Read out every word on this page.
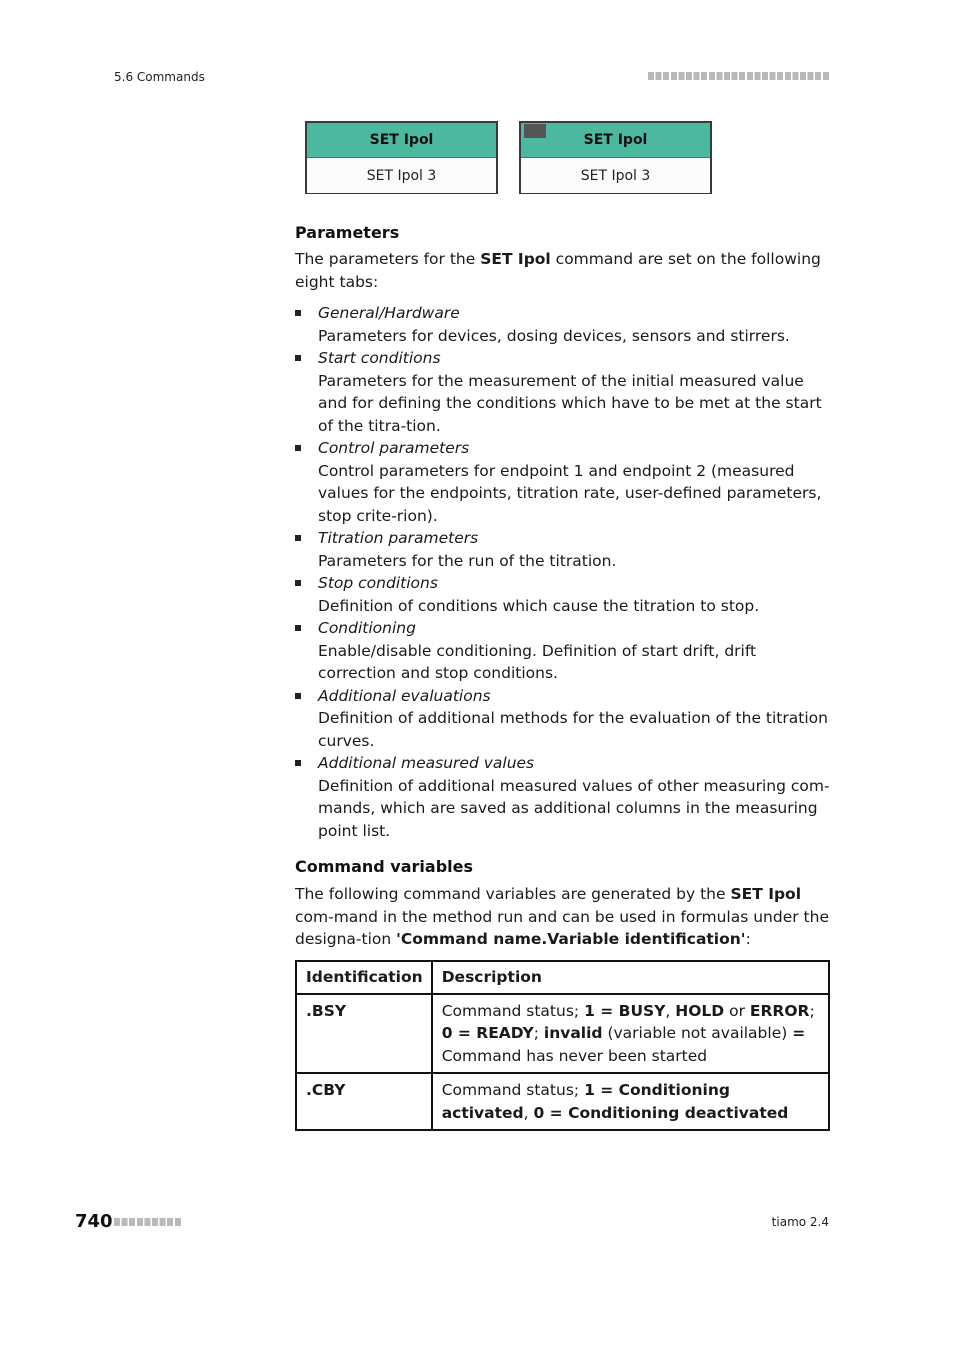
5.6 Commands
SET Ipol
SET Ipol 3
SET Ipol
SET Ipol 3
Parameters

The parameters for the SET Ipol command are set on the following eight tabs:

General/Hardware
Parameters for devices, dosing devices, sensors and stirrers.
Start conditions
Parameters for the measurement of the initial measured value and for defining the conditions which have to be met at the start of the titra-tion.
Control parameters
Control parameters for endpoint 1 and endpoint 2 (measured values for the endpoints, titration rate, user-defined parameters, stop crite-rion).
Titration parameters
Parameters for the run of the titration.
Stop conditions
Definition of conditions which cause the titration to stop.
Conditioning
Enable/disable conditioning. Definition of start drift, drift correction and stop conditions.
Additional evaluations
Definition of additional methods for the evaluation of the titration curves.
Additional measured values
Definition of additional measured values of other measuring com-mands, which are saved as additional columns in the measuring point list.
Command variables

The following command variables are generated by the SET Ipol com-mand in the method run and can be used in formulas under the designa-tion 'Command name.Variable identification':

Identification	Description
.BSY	Command status; 1 = BUSY, HOLD or ERROR; 0 = READY; invalid (variable not available) = Command has never been started
.CBY	Command status; 1 = Conditioning activated, 0 = Conditioning deactivated
740	tiamo 2.4
